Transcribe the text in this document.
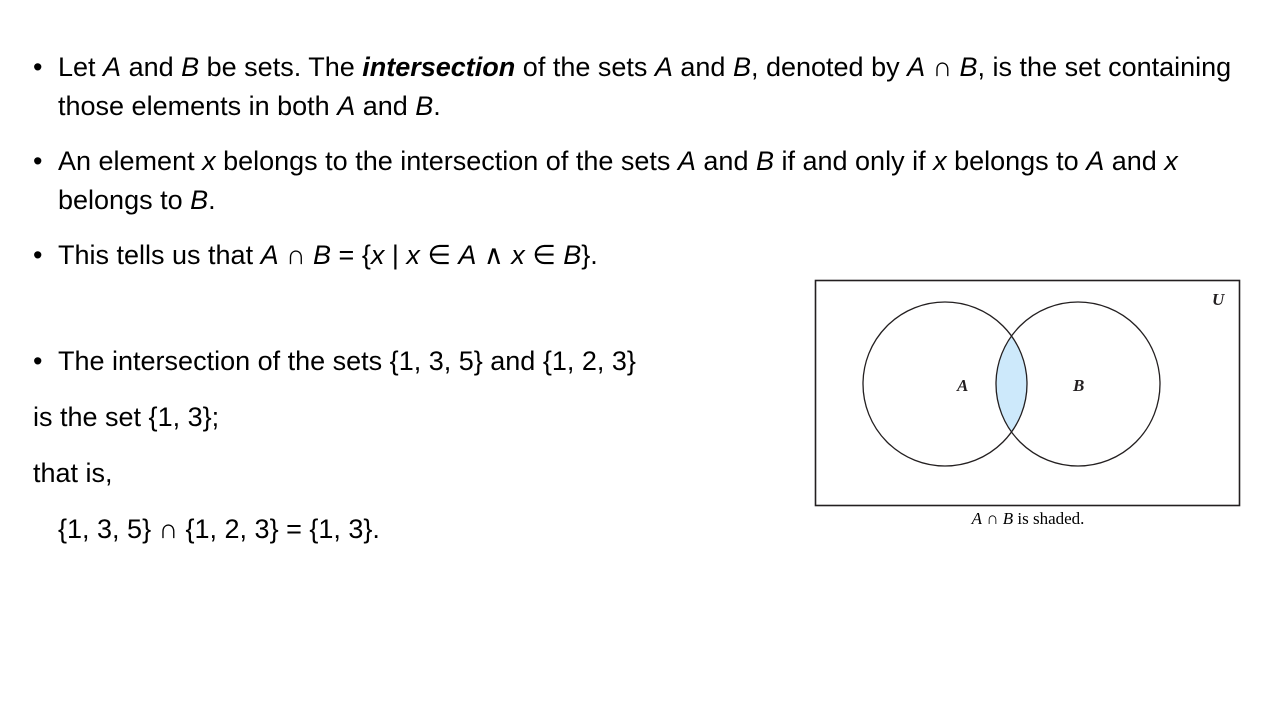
• Let A and B be sets. The intersection of the sets A and B, denoted by A ∩ B, is the set containing those elements in both A and B.
• An element x belongs to the intersection of the sets A and B if and only if x belongs to A and x belongs to B.
• This tells us that A ∩ B = {x | x ∈ A ∧ x ∈ B}.
• The intersection of the sets {1, 3, 5} and {1, 2, 3}

is the set {1, 3};

that is,

{1, 3, 5} ∩ {1, 2, 3} = {1, 3}.

U
A	B
A ∩ B is shaded.
